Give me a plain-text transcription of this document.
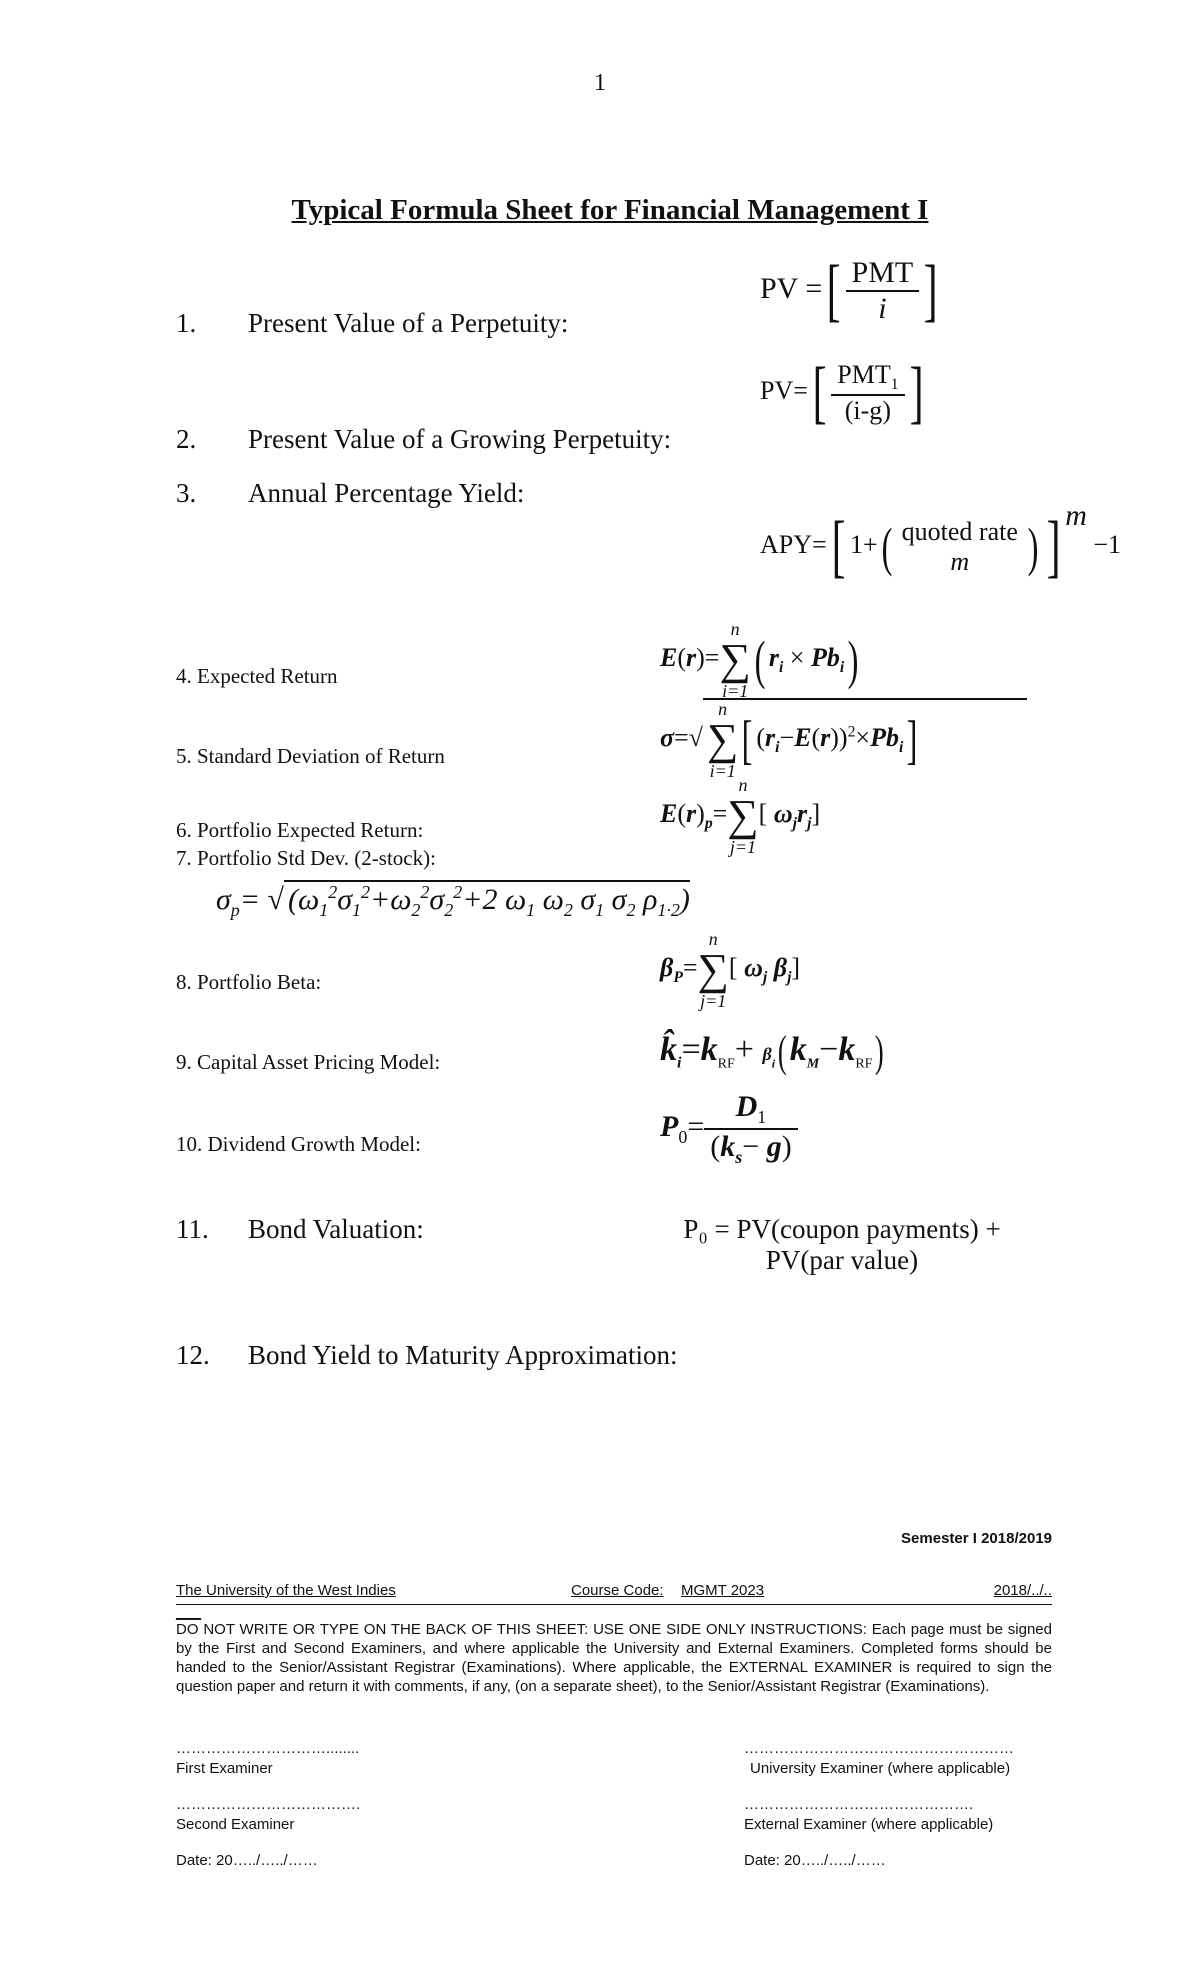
1
Typical Formula Sheet for Financial Management I
1. Present Value of a Perpetuity:
2. Present Value of a Growing Perpetuity:
3. Annual Percentage Yield:
4. Expected Return
5. Standard Deviation of Return
6. Portfolio Expected Return:
7. Portfolio Std Dev. (2-stock):
8. Portfolio Beta:
9. Capital Asset Pricing Model:
10. Dividend Growth Model:
11. Bond Valuation:
12. Bond Yield to Maturity Approximation:
PV =[ $\frac{\text{PMT}}{i}$ ]
$PV=[ \frac{PMT_1}{(i-g)}$ ]
APY=[ 1+( quoted rate
m	) ] $^m$ −1
E(r)=
n
∑
i=1
( $r_i \times Pb_i$)
σ=√
n
∑
i=1
[ $(r_i-E(r))^2\times Pb_i$]
$E(r)_p=$
n
∑
j=1
[ $\omega_jr_j$]
$\sigma_p=$ √ ($\omega_1^2\sigma_1^2+\omega_2^2\sigma_2^2+2$ $\omega_1$ $\omega_2$ $\sigma_1$ $\sigma_2$ $\rho_{1\cdot 2}$)
$\beta_P=$
n
∑
j=1
[ $\omega_j$ $\beta_j$]
$k̂_i=k_{RF}+ \beta_i(k_M-k_{RF})$
$P_0= \frac{D_1}{(k_s- g)}$
P₀ = PV(coupon payments) +
PV(par value)
Semester I 2018/2019
The University of the West Indies	Course Code: MGMT 2023	2018/../..
___
DO NOT WRITE OR TYPE ON THE BACK OF THIS SHEET: USE ONE SIDE ONLY INSTRUCTIONS: Each page must be signed by the First and Second Examiners, and where applicable the University and External Examiners. Completed forms should be handed to the Senior/Assistant Registrar (Examinations). Where applicable, the EXTERNAL EXAMINER is required to sign the question paper and return it with comments, if any, (on a separate sheet), to the Senior/Assistant Registrar (Examinations).
…………………………........
First Examiner
………………………………………………
University Examiner (where applicable)
……………………………….
Second Examiner
……………………………………….
External Examiner (where applicable)
Date: 20…../…../……	Date: 20…../…../……
